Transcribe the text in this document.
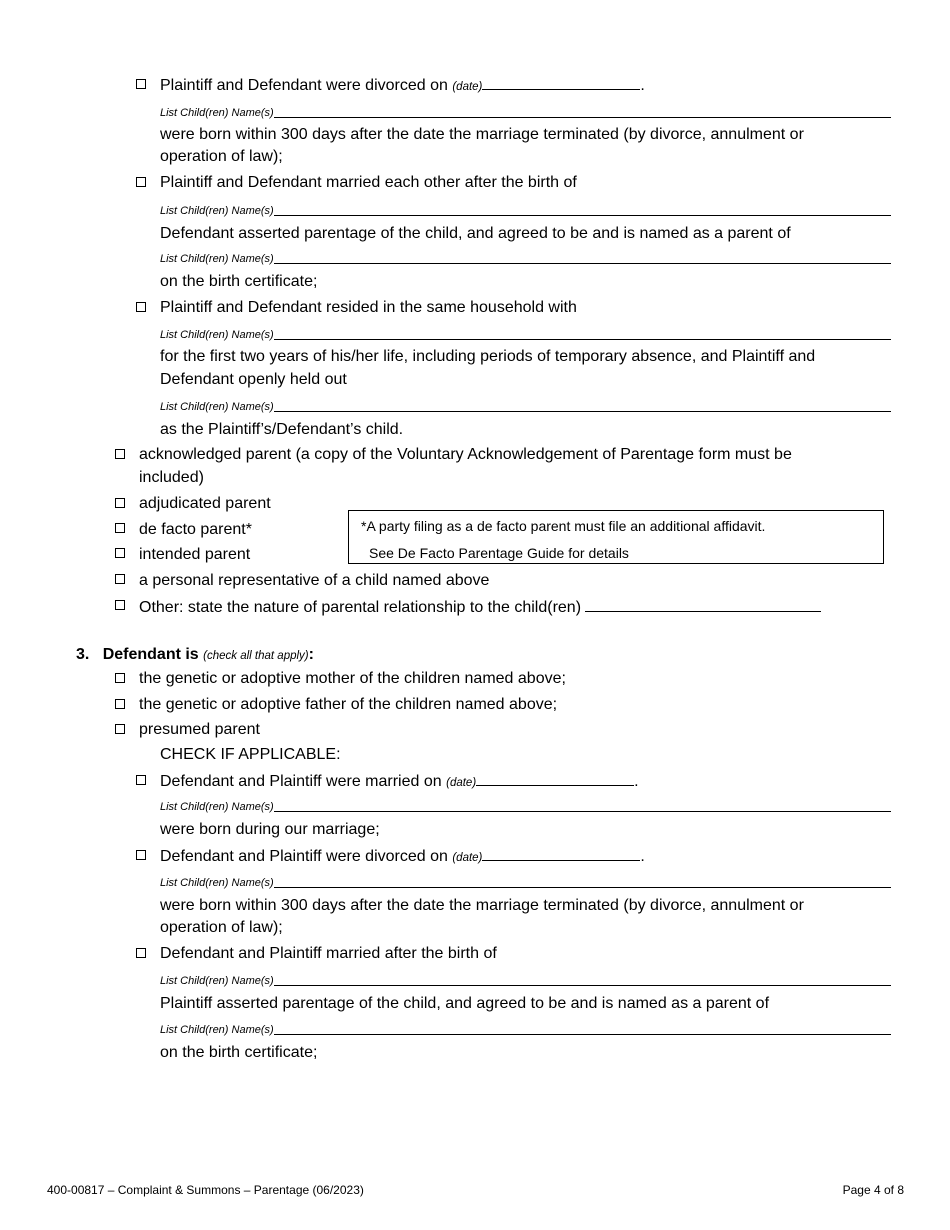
Plaintiff and Defendant were divorced on (date)	.
List Child(ren) Name(s)
were born within 300 days after the date the marriage terminated (by divorce, annulment or
operation of law);
Plaintiff and Defendant married each other after the birth of
List Child(ren) Name(s)
Defendant asserted parentage of the child, and agreed to be and is named as a parent of
List Child(ren) Name(s)
on the birth certificate;
Plaintiff and Defendant resided in the same household with
List Child(ren) Name(s)
for the first two years of his/her life, including periods of temporary absence, and Plaintiff and
Defendant openly held out
List Child(ren) Name(s)
as the Plaintiff’s/Defendant’s child.
acknowledged parent (a copy of the Voluntary Acknowledgement of Parentage form must be
included)
adjudicated parent
de facto parent*
intended parent
*A party filing as a de facto parent must file an additional affidavit.
See De Facto Parentage Guide for details
a personal representative of a child named above
Other: state the nature of parental relationship to the child(ren)
3. Defendant is (check all that apply):
the genetic or adoptive mother of the children named above;
the genetic or adoptive father of the children named above;
presumed parent
CHECK IF APPLICABLE:
Defendant and Plaintiff were married on (date)	.
List Child(ren) Name(s)
were born during our marriage;
Defendant and Plaintiff were divorced on (date)	.
List Child(ren) Name(s)
were born within 300 days after the date the marriage terminated (by divorce, annulment or
operation of law);
Defendant and Plaintiff married after the birth of
List Child(ren) Name(s)
Plaintiff asserted parentage of the child, and agreed to be and is named as a parent of
List Child(ren) Name(s)
on the birth certificate;
400-00817 – Complaint & Summons – Parentage (06/2023)	Page 4 of 8
